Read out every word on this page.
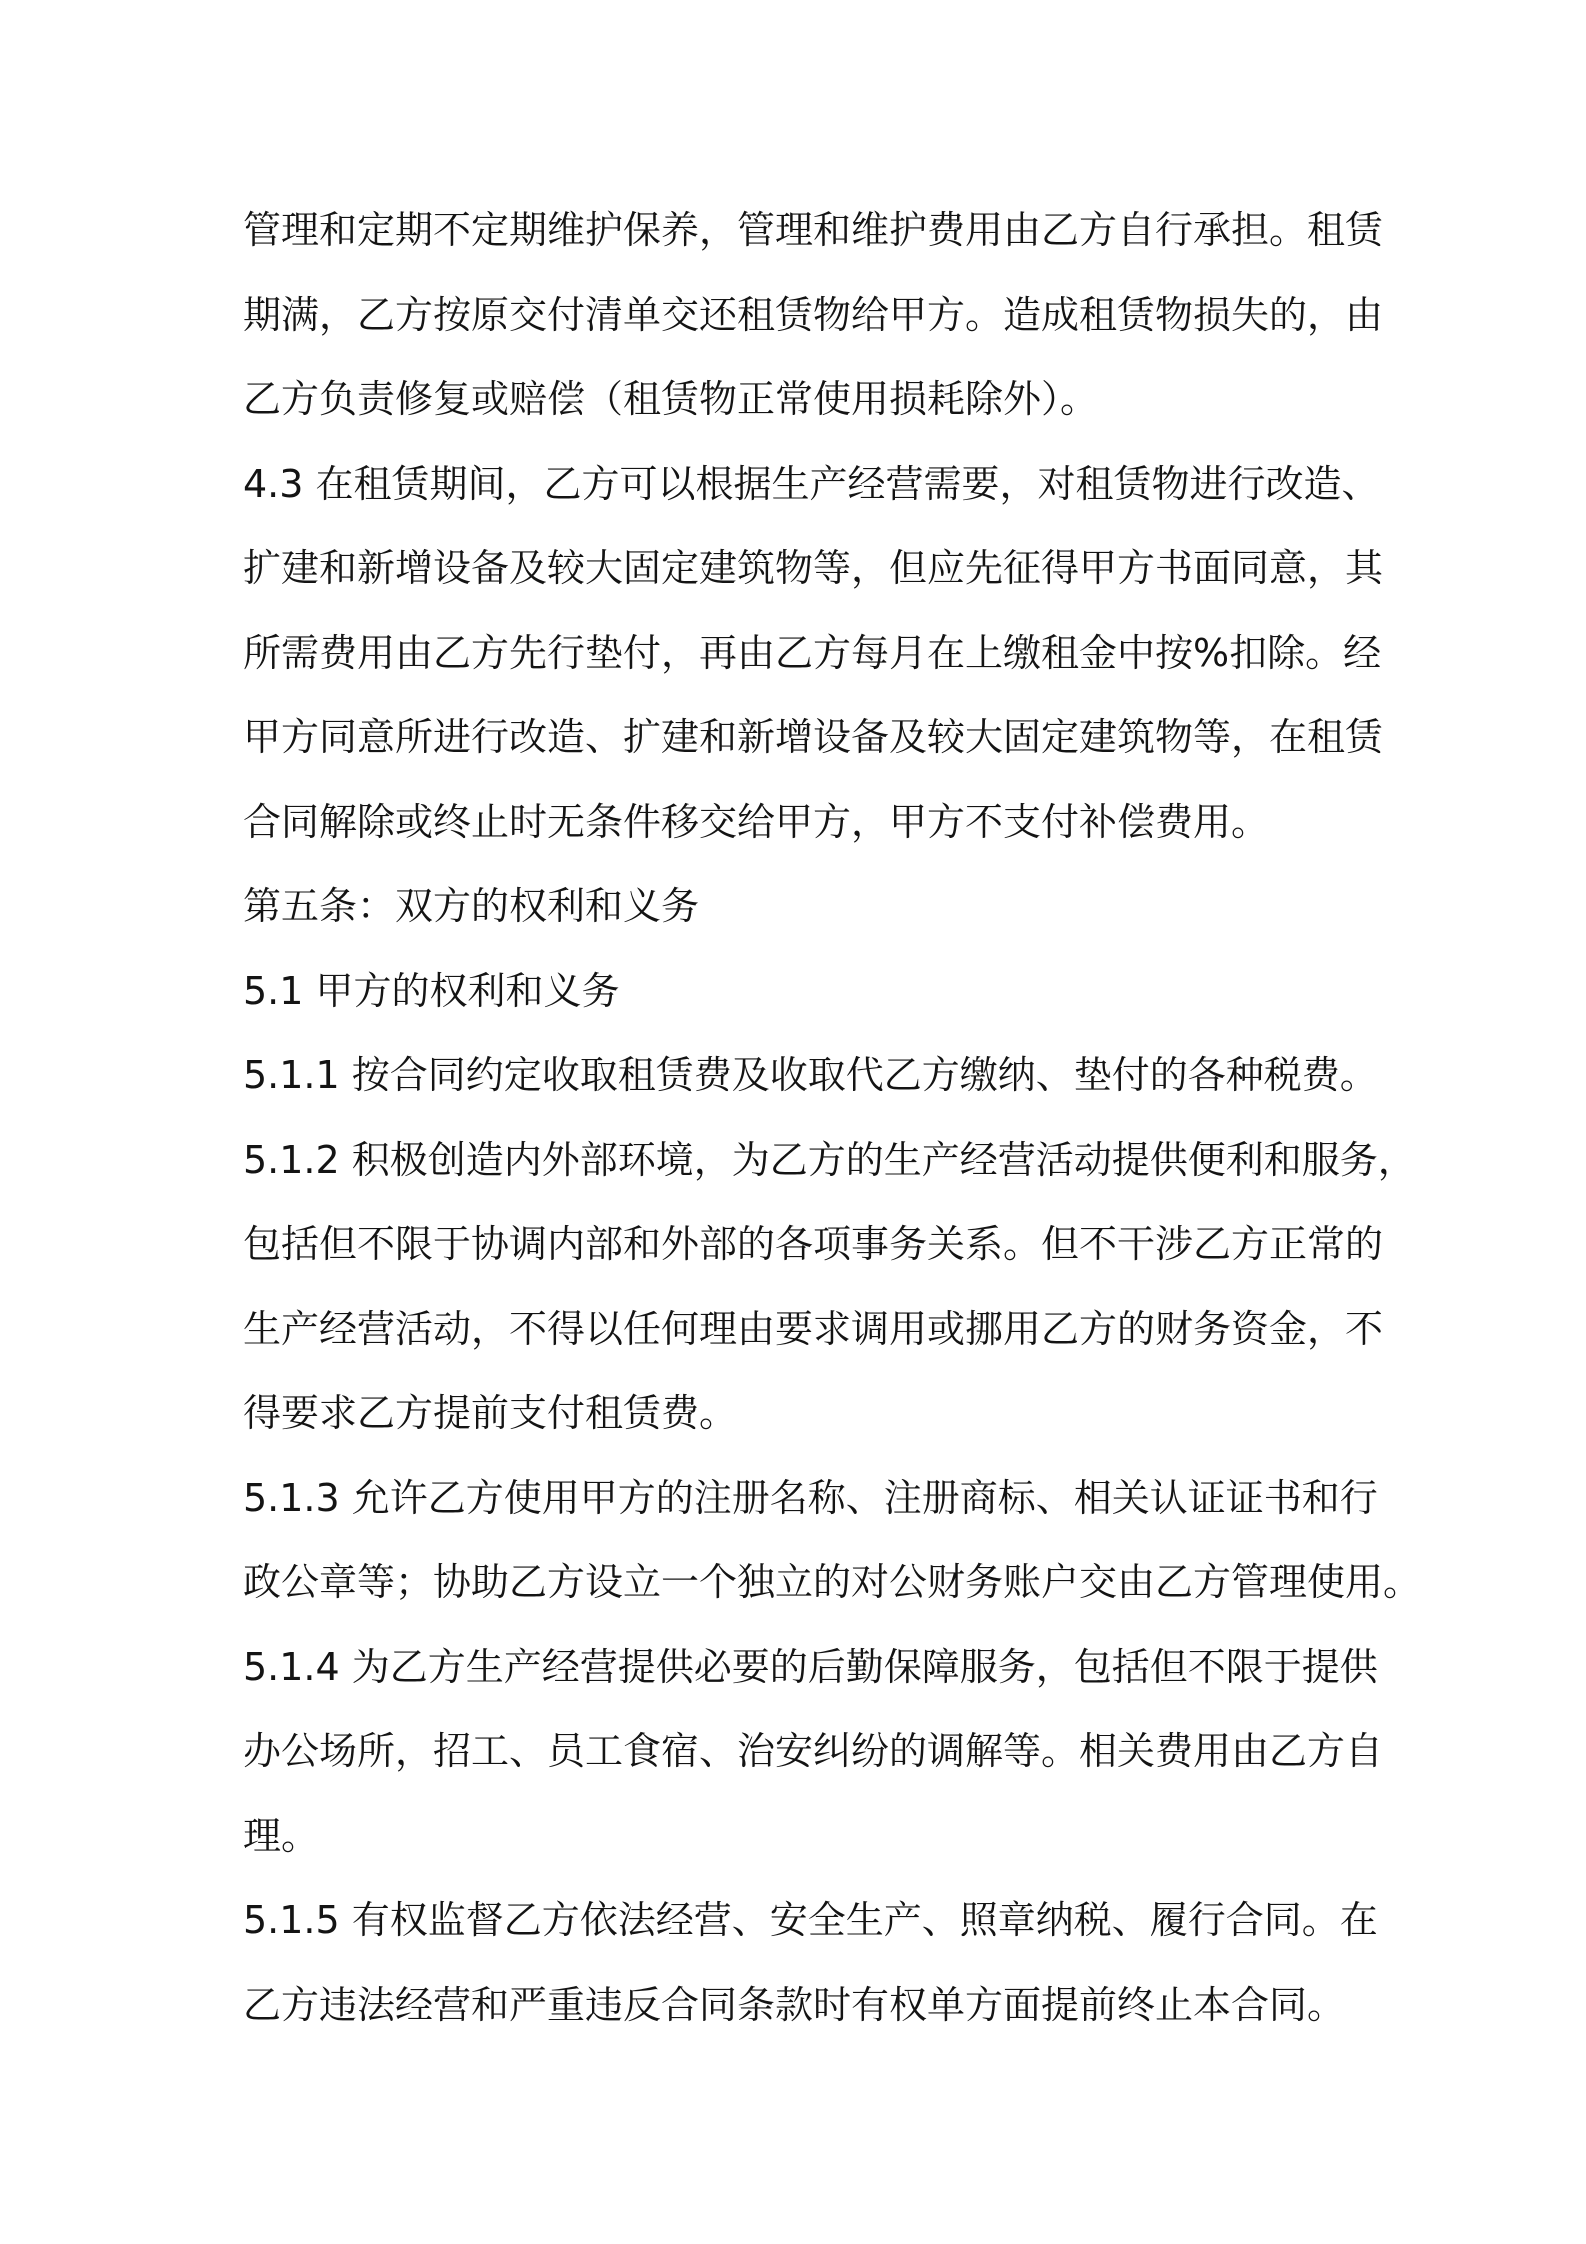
管理和定期不定期维护保养，管理和维护费用由乙方自行承担。租赁
期满，乙方按原交付清单交还租赁物给甲方。造成租赁物损失的，由
乙方负责修复或赔偿（租赁物正常使用损耗除外）。
4.3 在租赁期间，乙方可以根据生产经营需要，对租赁物进行改造、
扩建和新增设备及较大固定建筑物等，但应先征得甲方书面同意，其
所需费用由乙方先行垫付，再由乙方每月在上缴租金中按%扣除。经
甲方同意所进行改造、扩建和新增设备及较大固定建筑物等，在租赁
合同解除或终止时无条件移交给甲方，甲方不支付补偿费用。
第五条：双方的权利和义务
5.1 甲方的权利和义务
5.1.1 按合同约定收取租赁费及收取代乙方缴纳、垫付的各种税费。
5.1.2 积极创造内外部环境，为乙方的生产经营活动提供便利和服务，
包括但不限于协调内部和外部的各项事务关系。但不干涉乙方正常的
生产经营活动，不得以任何理由要求调用或挪用乙方的财务资金，不
得要求乙方提前支付租赁费。
5.1.3 允许乙方使用甲方的注册名称、注册商标、相关认证证书和行
政公章等；协助乙方设立一个独立的对公财务账户交由乙方管理使用。
5.1.4 为乙方生产经营提供必要的后勤保障服务，包括但不限于提供
办公场所，招工、员工食宿、治安纠纷的调解等。相关费用由乙方自
理。
5.1.5 有权监督乙方依法经营、安全生产、照章纳税、履行合同。在
乙方违法经营和严重违反合同条款时有权单方面提前终止本合同。
